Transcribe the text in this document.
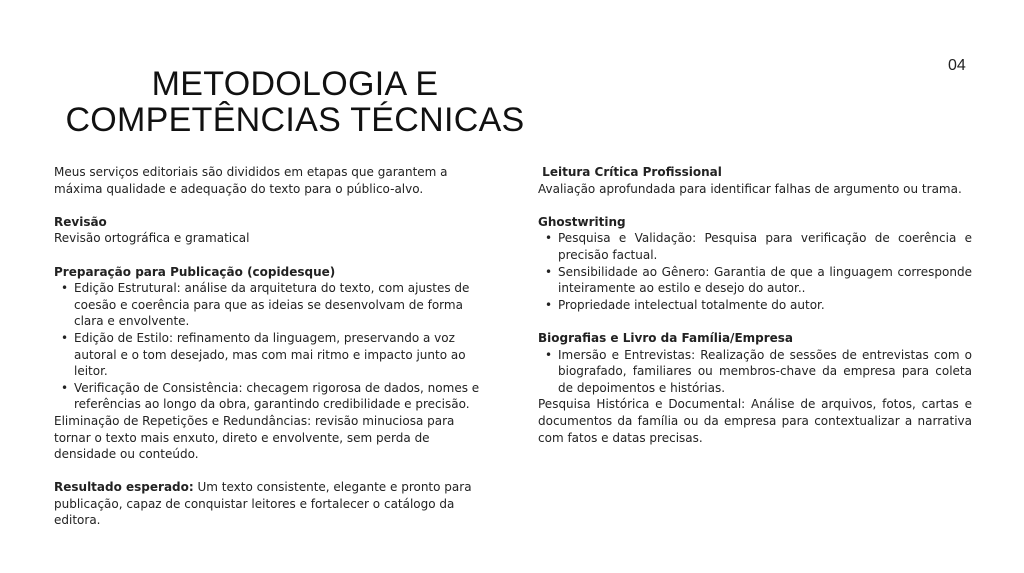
04
METODOLOGIA E
COMPETÊNCIAS TÉCNICAS

Meus serviços editoriais são divididos em etapas que garantem a máxima qualidade e adequação do texto para o público-alvo.

Revisão

Revisão ortográfica e gramatical

Preparação para Publicação (copidesque)

• Edição Estrutural: análise da arquitetura do texto, com ajustes de coesão e coerência para que as ideias se desenvolvam de forma clara e envolvente.
• Edição de Estilo: refinamento da linguagem, preservando a voz autoral e o tom desejado, mas com mai ritmo e impacto junto ao leitor.
• Verificação de Consistência: checagem rigorosa de dados, nomes e referências ao longo da obra, garantindo credibilidade e precisão.

Eliminação de Repetições e Redundâncias: revisão minuciosa para tornar o texto mais enxuto, direto e envolvente, sem perda de densidade ou conteúdo.

Resultado esperado: Um texto consistente, elegante e pronto para publicação, capaz de conquistar leitores e fortalecer o catálogo da editora.

Leitura Crítica Profissional

Avaliação aprofundada para identificar falhas de argumento ou trama.

Ghostwriting

• Pesquisa e Validação: Pesquisa para verificação de coerência e precisão factual.
• Sensibilidade ao Gênero: Garantia de que a linguagem corresponde inteiramente ao estilo e desejo do autor..
• Propriedade intelectual totalmente do autor.

Biografias e Livro da Família/Empresa

• Imersão e Entrevistas: Realização de sessões de entrevistas com o biografado, familiares ou membros-chave da empresa para coleta de depoimentos e histórias.

Pesquisa Histórica e Documental: Análise de arquivos, fotos, cartas e documentos da família ou da empresa para contextualizar a narrativa com fatos e datas precisas.
